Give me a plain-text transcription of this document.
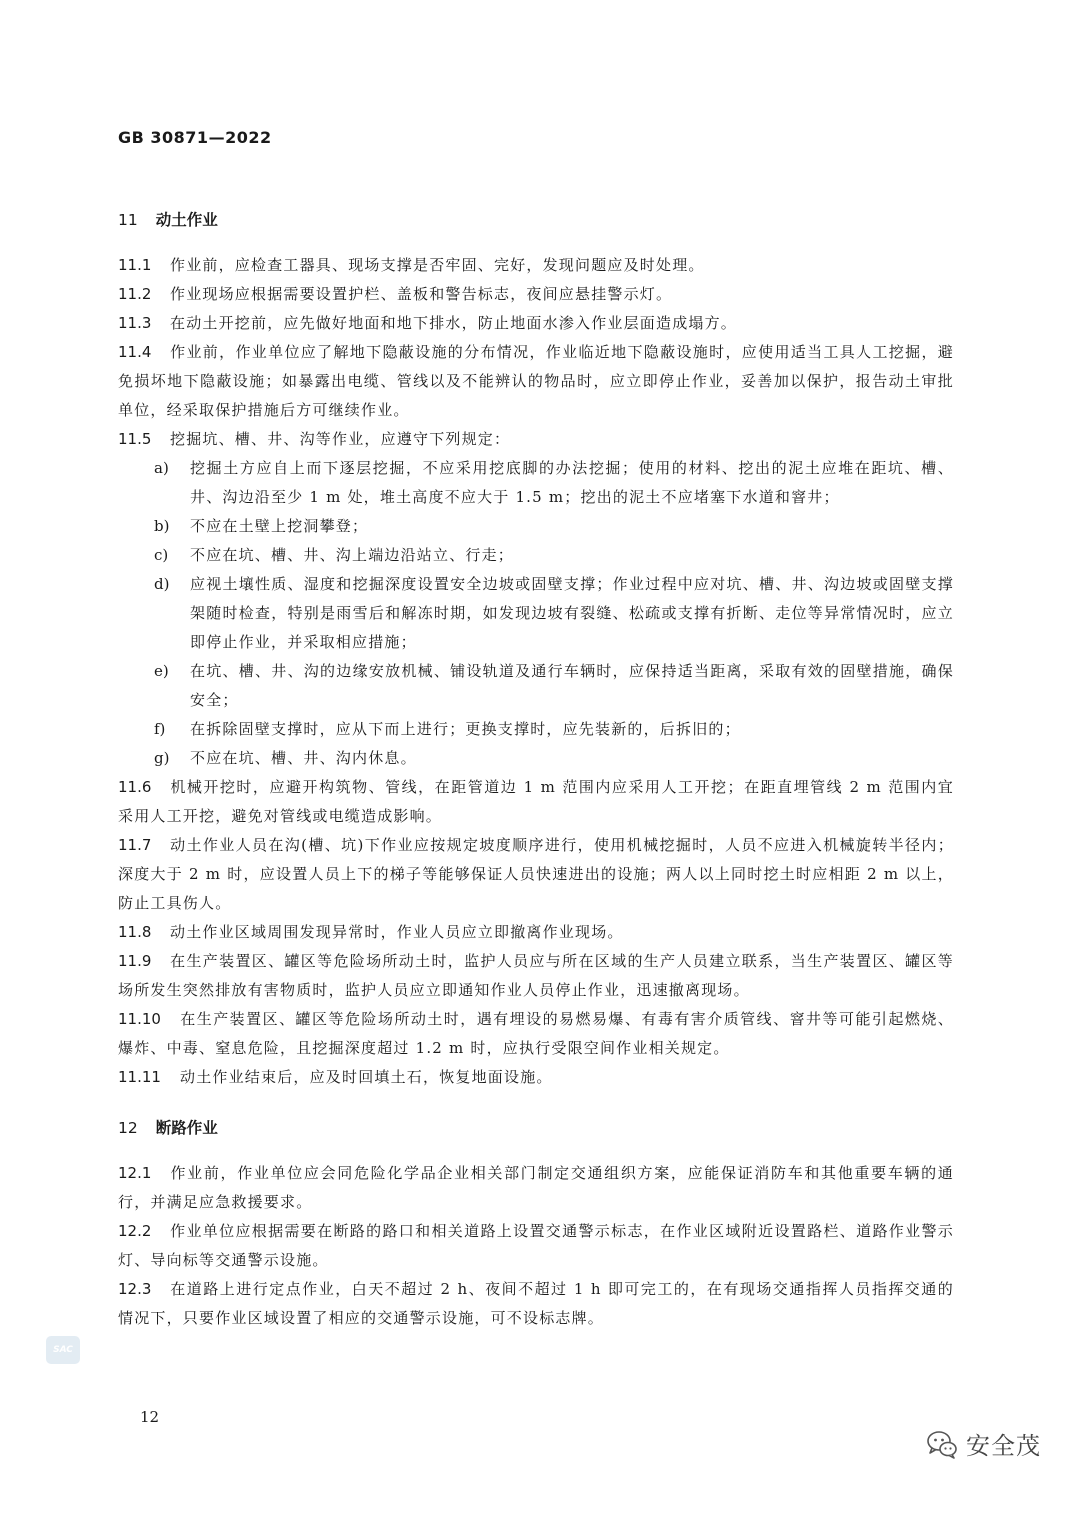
GB 30871—2022
11 动土作业
11.1 作业前，应检查工器具、现场支撑是否牢固、完好，发现问题应及时处理。
11.2 作业现场应根据需要设置护栏、盖板和警告标志，夜间应悬挂警示灯。
11.3 在动土开挖前，应先做好地面和地下排水，防止地面水渗入作业层面造成塌方。
11.4 作业前，作业单位应了解地下隐蔽设施的分布情况，作业临近地下隐蔽设施时，应使用适当工具人工挖掘，避免损坏地下隐蔽设施；如暴露出电缆、管线以及不能辨认的物品时，应立即停止作业，妥善加以保护，报告动土审批单位，经采取保护措施后方可继续作业。
11.5 挖掘坑、槽、井、沟等作业，应遵守下列规定：
a) 挖掘土方应自上而下逐层挖掘，不应采用挖底脚的办法挖掘；使用的材料、挖出的泥土应堆在距坑、槽、井、沟边沿至少 1 m 处，堆土高度不应大于 1.5 m；挖出的泥土不应堵塞下水道和窨井；
b) 不应在土壁上挖洞攀登；
c) 不应在坑、槽、井、沟上端边沿站立、行走；
d) 应视土壤性质、湿度和挖掘深度设置安全边坡或固壁支撑；作业过程中应对坑、槽、井、沟边坡或固壁支撑架随时检查，特别是雨雪后和解冻时期，如发现边坡有裂缝、松疏或支撑有折断、走位等异常情况时，应立即停止作业，并采取相应措施；
e) 在坑、槽、井、沟的边缘安放机械、铺设轨道及通行车辆时，应保持适当距离，采取有效的固壁措施，确保安全；
f) 在拆除固壁支撑时，应从下而上进行；更换支撑时，应先装新的，后拆旧的；
g) 不应在坑、槽、井、沟内休息。
11.6 机械开挖时，应避开构筑物、管线，在距管道边 1 m 范围内应采用人工开挖；在距直埋管线 2 m 范围内宜采用人工开挖，避免对管线或电缆造成影响。
11.7 动土作业人员在沟(槽、坑)下作业应按规定坡度顺序进行，使用机械挖掘时，人员不应进入机械旋转半径内；深度大于 2 m 时，应设置人员上下的梯子等能够保证人员快速进出的设施；两人以上同时挖土时应相距 2 m 以上，防止工具伤人。
11.8 动土作业区域周围发现异常时，作业人员应立即撤离作业现场。
11.9 在生产装置区、罐区等危险场所动土时，监护人员应与所在区域的生产人员建立联系，当生产装置区、罐区等场所发生突然排放有害物质时，监护人员应立即通知作业人员停止作业，迅速撤离现场。
11.10 在生产装置区、罐区等危险场所动土时，遇有埋设的易燃易爆、有毒有害介质管线、窨井等可能引起燃烧、爆炸、中毒、窒息危险，且挖掘深度超过 1.2 m 时，应执行受限空间作业相关规定。
11.11 动土作业结束后，应及时回填土石，恢复地面设施。
12 断路作业
12.1 作业前，作业单位应会同危险化学品企业相关部门制定交通组织方案，应能保证消防车和其他重要车辆的通行，并满足应急救援要求。
12.2 作业单位应根据需要在断路的路口和相关道路上设置交通警示标志，在作业区域附近设置路栏、道路作业警示灯、导向标等交通警示设施。
12.3 在道路上进行定点作业，白天不超过 2 h、夜间不超过 1 h 即可完工的，在有现场交通指挥人员指挥交通的情况下，只要作业区域设置了相应的交通警示设施，可不设标志牌。
SAC
12
安全茂
